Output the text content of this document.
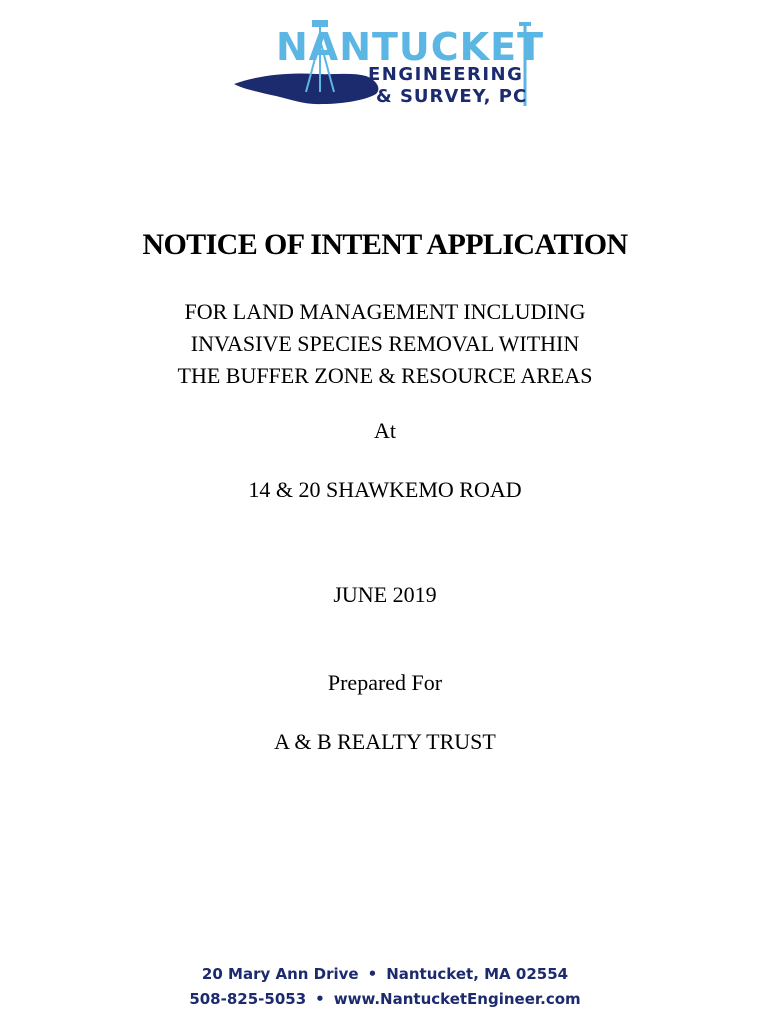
NANTUCKET
ENGINEERING
& SURVEY, PC
NOTICE OF INTENT APPLICATION
FOR LAND MANAGEMENT INCLUDING
INVASIVE SPECIES REMOVAL WITHIN
THE BUFFER ZONE & RESOURCE AREAS
At
14 & 20 SHAWKEMO ROAD
JUNE 2019
Prepared For
A & B REALTY TRUST
20 Mary Ann Drive • Nantucket, MA 02554
508-825-5053 • www.NantucketEngineer.com
